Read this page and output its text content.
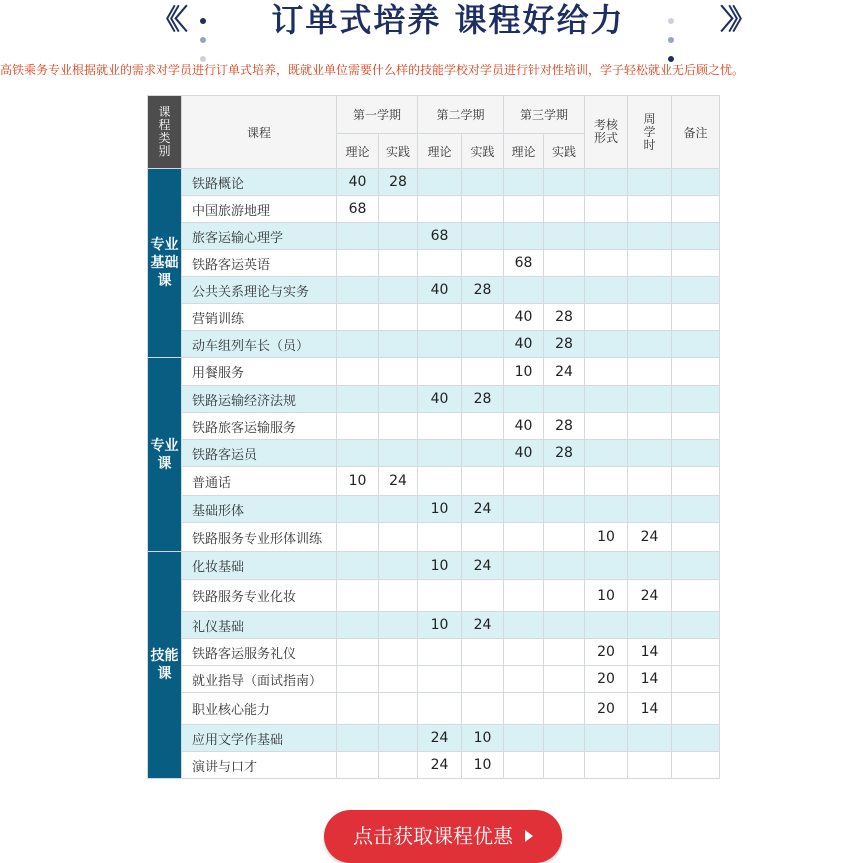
《〈	订单式培养 课程好给力	〉》
高铁乘务专业根据就业的需求对学员进行订单式培养，既就业单位需要什么样的技能学校对学员进行针对性培训，学子轻松就业无后顾之忧。
课
程
类
别	课程	第一学期		第二学期		第三学期		考核
形式	周
学
时	备注
		理论	实践	理论	实践	理论	实践			
专业基础课	铁路概论	40	28							
	中国旅游地理	68								
	旅客运输心理学			68						
	铁路客运英语					68				
	公共关系理论与实务			40	28					
	营销训练					40	28			
	动车组列车长（员）					40	28			
专业课	用餐服务					10	24			
	铁路运输经济法规			40	28					
	铁路旅客运输服务					40	28			
	铁路客运员					40	28			
	普通话	10	24							
	基础形体			10	24					
	铁路服务专业形体训练							10	24	
技能课	化妆基础			10	24					
	铁路服务专业化妆							10	24	
	礼仪基础			10	24					
	铁路客运服务礼仪							20	14	
	就业指导（面试指南）							20	14	
	职业核心能力							20	14	
	应用文学作基础			24	10					
	演讲与口才			24	10					
点击获取课程优惠
